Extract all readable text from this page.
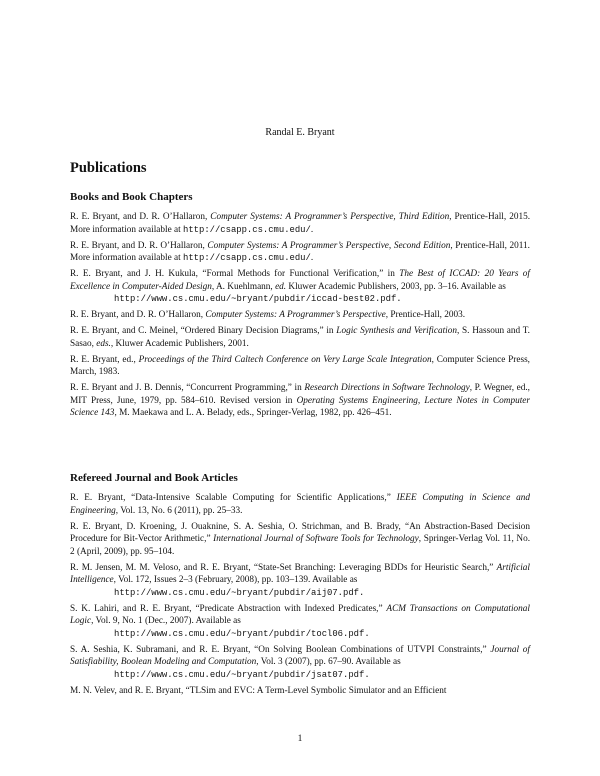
Randal E. Bryant
Publications
Books and Book Chapters

R. E. Bryant, and D. R. O’Hallaron, Computer Systems: A Programmer’s Perspective, Third Edition, Prentice-Hall, 2015. More information available at http://csapp.cs.cmu.edu/.

R. E. Bryant, and D. R. O’Hallaron, Computer Systems: A Programmer’s Perspective, Second Edition, Prentice-Hall, 2011. More information available at http://csapp.cs.cmu.edu/.

R. E. Bryant, and J. H. Kukula, “Formal Methods for Functional Verification,” in The Best of ICCAD: 20 Years of Excellence in Computer-Aided Design, A. Kuehlmann, ed. Kluwer Academic Publishers, 2003, pp. 3–16. Available as
http://www.cs.cmu.edu/~bryant/pubdir/iccad-best02.pdf.

R. E. Bryant, and D. R. O’Hallaron, Computer Systems: A Programmer’s Perspective, Prentice-Hall, 2003.

R. E. Bryant, and C. Meinel, “Ordered Binary Decision Diagrams,” in Logic Synthesis and Verification, S. Hassoun and T. Sasao, eds., Kluwer Academic Publishers, 2001.

R. E. Bryant, ed., Proceedings of the Third Caltech Conference on Very Large Scale Integration, Computer Science Press, March, 1983.

R. E. Bryant and J. B. Dennis, “Concurrent Programming,” in Research Directions in Software Technology, P. Wegner, ed., MIT Press, June, 1979, pp. 584–610. Revised version in Operating Systems Engineering, Lecture Notes in Computer Science 143, M. Maekawa and L. A. Belady, eds., Springer-Verlag, 1982, pp. 426–451.

Refereed Journal and Book Articles

R. E. Bryant, “Data-Intensive Scalable Computing for Scientific Applications,” IEEE Computing in Science and Engineering, Vol. 13, No. 6 (2011), pp. 25–33.

R. E. Bryant, D. Kroening, J. Ouaknine, S. A. Seshia, O. Strichman, and B. Brady, “An Abstraction-Based Decision Procedure for Bit-Vector Arithmetic,” International Journal of Software Tools for Technology, Springer-Verlag Vol. 11, No. 2 (April, 2009), pp. 95–104.

R. M. Jensen, M. M. Veloso, and R. E. Bryant, “State-Set Branching: Leveraging BDDs for Heuristic Search,” Artificial Intelligence, Vol. 172, Issues 2–3 (February, 2008), pp. 103–139. Available as
http://www.cs.cmu.edu/~bryant/pubdir/aij07.pdf.

S. K. Lahiri, and R. E. Bryant, “Predicate Abstraction with Indexed Predicates,” ACM Transactions on Computational Logic, Vol. 9, No. 1 (Dec., 2007). Available as
http://www.cs.cmu.edu/~bryant/pubdir/tocl06.pdf.

S. A. Seshia, K. Subramani, and R. E. Bryant, “On Solving Boolean Combinations of UTVPI Constraints,” Journal of Satisfiability, Boolean Modeling and Computation, Vol. 3 (2007), pp. 67–90. Available as
http://www.cs.cmu.edu/~bryant/pubdir/jsat07.pdf.

M. N. Velev, and R. E. Bryant, “TLSim and EVC: A Term-Level Symbolic Simulator and an Efficient

1
